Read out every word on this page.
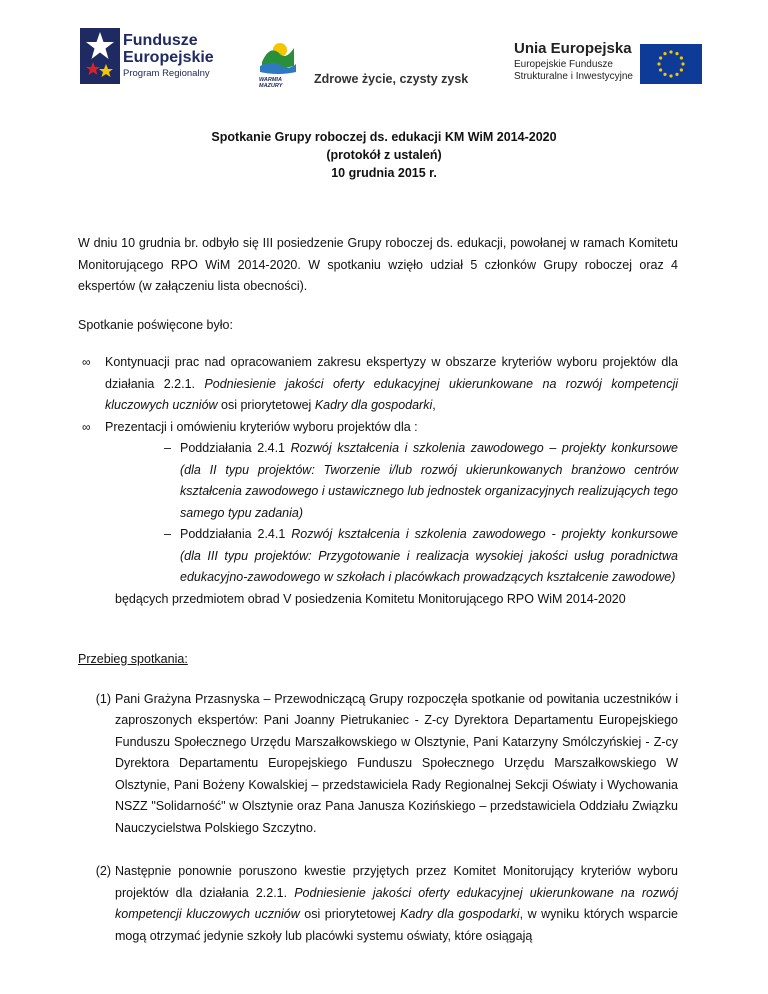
Fundusze
Europejskie
Program Regionalny
WARMIA MAZURY	Zdrowe życie, czysty zysk
Unia Europejska
Europejskie Fundusze
Strukturalne i Inwestycyjne
Spotkanie Grupy roboczej ds. edukacji KM WiM 2014-2020
(protokół z ustaleń)
10 grudnia 2015 r.

W dniu 10 grudnia br. odbyło się III posiedzenie Grupy roboczej ds. edukacji, powołanej w ramach Komitetu Monitorującego RPO WiM 2014-2020. W spotkaniu wzięło udział 5 członków Grupy roboczej oraz 4 ekspertów (w załączeniu lista obecności).

Spotkanie poświęcone było:

∞ Kontynuacji prac nad opracowaniem zakresu ekspertyzy w obszarze kryteriów wyboru projektów dla działania 2.2.1. Podniesienie jakości oferty edukacyjnej ukierunkowane na rozwój kompetencji kluczowych uczniów osi priorytetowej Kadry dla gospodarki,
∞ Prezentacji i omówieniu kryteriów wyboru projektów dla :
– Poddziałania 2.4.1 Rozwój kształcenia i szkolenia zawodowego – projekty konkursowe (dla II typu projektów: Tworzenie i/lub rozwój ukierunkowanych branżowo centrów kształcenia zawodowego i ustawicznego lub jednostek organizacyjnych realizujących tego samego typu zadania)
– Poddziałania 2.4.1 Rozwój kształcenia i szkolenia zawodowego - projekty konkursowe (dla III typu projektów: Przygotowanie i realizacja wysokiej jakości usług poradnictwa edukacyjno-zawodowego w szkołach i placówkach prowadzących kształcenie zawodowe)

będących przedmiotem obrad V posiedzenia Komitetu Monitorującego RPO WiM 2014-2020

Przebieg spotkania:

(1) Pani Grażyna Przasnyska – Przewodniczącą Grupy rozpoczęła spotkanie od powitania uczestników i zaproszonych ekspertów: Pani Joanny Pietrukaniec - Z-cy Dyrektora Departamentu Europejskiego Funduszu Społecznego Urzędu Marszałkowskiego w Olsztynie, Pani Katarzyny Smólczyńskiej - Z-cy Dyrektora Departamentu Europejskiego Funduszu Społecznego Urzędu Marszałkowskiego W Olsztynie, Pani Bożeny Kowalskiej – przedstawiciela Rady Regionalnej Sekcji Oświaty i Wychowania NSZZ "Solidarność" w Olsztynie oraz Pana Janusza Kozińskiego – przedstawiciela Oddziału Związku Nauczycielstwa Polskiego Szczytno.
(2) Następnie ponownie poruszono kwestie przyjętych przez Komitet Monitorujący kryteriów wyboru projektów dla działania 2.2.1. Podniesienie jakości oferty edukacyjnej ukierunkowane na rozwój kompetencji kluczowych uczniów osi priorytetowej Kadry dla gospodarki, w wyniku których wsparcie mogą otrzymać jedynie szkoły lub placówki systemu oświaty, które osiągają
